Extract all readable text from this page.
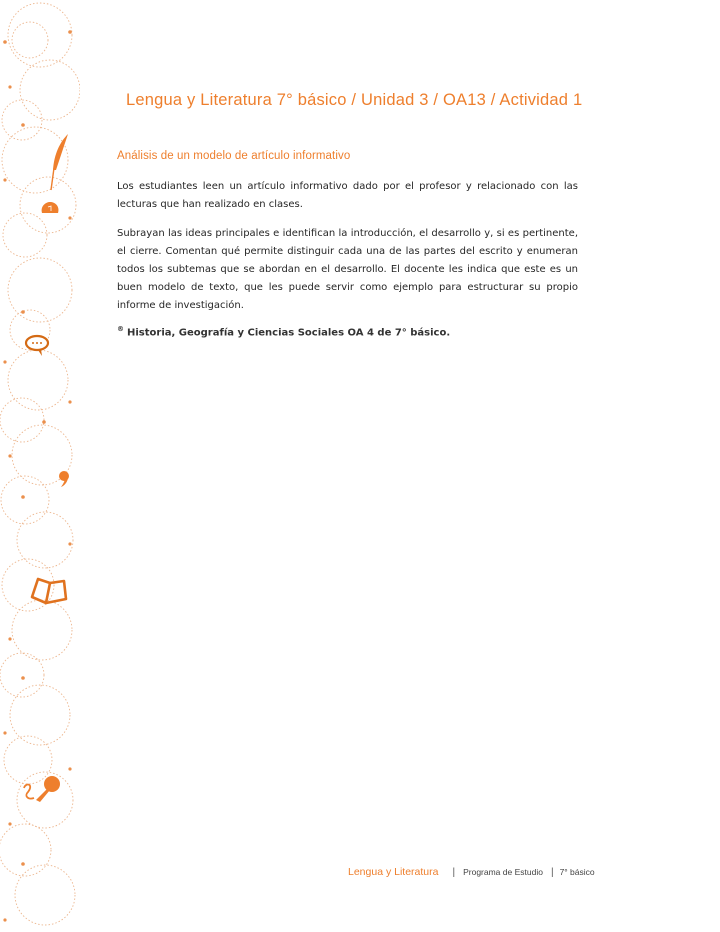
Lengua y Literatura 7° básico / Unidad 3 / OA13 / Actividad 1
Análisis de un modelo de artículo informativo

Los estudiantes leen un artículo informativo dado por el profesor y relacionado con las lecturas que han realizado en clases.

Subrayan las ideas principales e identifican la introducción, el desarrollo y, si es pertinente, el cierre. Comentan qué permite distinguir cada una de las partes del escrito y enumeran todos los subtemas que se abordan en el desarrollo. El docente les indica que este es un buen modelo de texto, que les puede servir como ejemplo para estructurar su propio informe de investigación.

® Historia, Geografía y Ciencias Sociales OA 4 de 7° básico.
Lengua y Literatura | Programa de Estudio | 7° básico
